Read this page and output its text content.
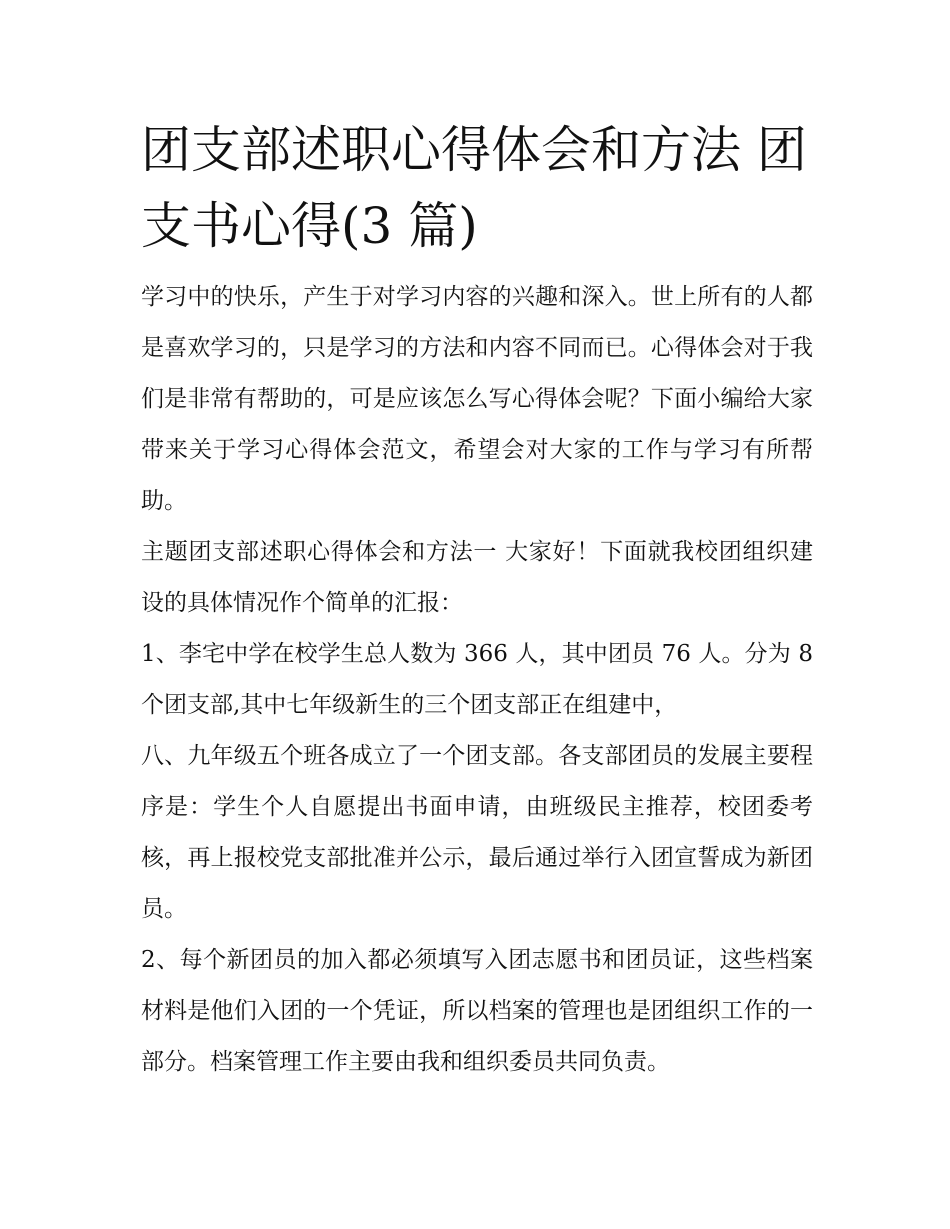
团支部述职心得体会和方法 团支书心得(3 篇)

学习中的快乐，产生于对学习内容的兴趣和深入。世上所有的人都是喜欢学习的，只是学习的方法和内容不同而已。心得体会对于我们是非常有帮助的，可是应该怎么写心得体会呢？下面小编给大家带来关于学习心得体会范文，希望会对大家的工作与学习有所帮助。

主题团支部述职心得体会和方法一 大家好！下面就我校团组织建设的具体情况作个简单的汇报：

1、李宅中学在校学生总人数为 366 人，其中团员 76 人。分为 8 个团支部,其中七年级新生的三个团支部正在组建中，

八、九年级五个班各成立了一个团支部。各支部团员的发展主要程序是：学生个人自愿提出书面申请，由班级民主推荐，校团委考核，再上报校党支部批准并公示，最后通过举行入团宣誓成为新团员。

2、每个新团员的加入都必须填写入团志愿书和团员证，这些档案材料是他们入团的一个凭证，所以档案的管理也是团组织工作的一部分。档案管理工作主要由我和组织委员共同负责。
